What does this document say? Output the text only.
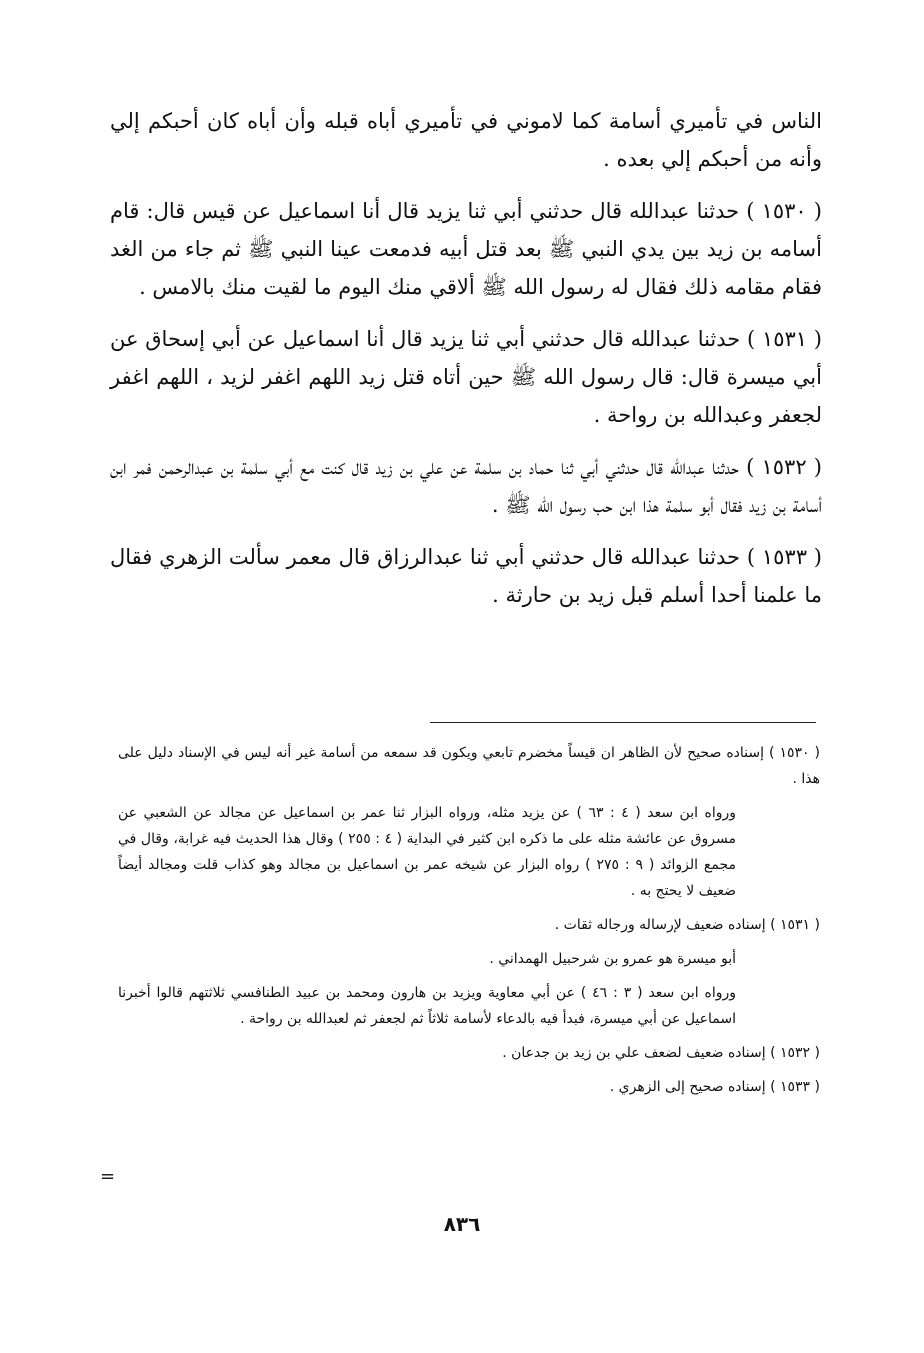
الناس في تأميري أسامة كما لاموني في تأميري أباه قبله وأن أباه كان أحبكم إلي وأنه من أحبكم إلي بعده .

( ١٥٣٠ ) حدثنا عبدالله قال حدثني أبي ثنا يزيد قال أنا اسماعيل عن قيس قال: قام أسامه بن زيد بين يدي النبي ﷺ بعد قتل أبيه فدمعت عينا النبي ﷺ ثم جاء من الغد فقام مقامه ذلك فقال له رسول الله ﷺ ألاقي منك اليوم ما لقيت منك بالامس .

( ١٥٣١ ) حدثنا عبدالله قال حدثني أبي ثنا يزيد قال أنا اسماعيل عن أبي إسحاق عن أبي ميسرة قال: قال رسول الله ﷺ حين أتاه قتل زيد اللهم اغفر لزيد ، اللهم اغفر لجعفر وعبدالله بن رواحة .

( ١٥٣٢ ) حدثنا عبدالله قال حدثني أبي ثنا حماد بن سلمة عن علي بن زيد قال كنت مع أبي سلمة بن عبدالرحمن فمر ابن أسامة بن زيد فقال أبو سلمة هذا ابن حب رسول الله ﷺ .

( ١٥٣٣ ) حدثنا عبدالله قال حدثني أبي ثنا عبدالرزاق قال معمر سألت الزهري فقال ما علمنا أحدا أسلم قبل زيد بن حارثة .

( ١٥٣٠ ) إسناده صحيح لأن الظاهر ان قيساً مخضرم تابعي ويكون قد سمعه من أسامة غير أنه ليس في الإسناد دليل على هذا .

ورواه ابن سعد ( ٤ : ٦٣ ) عن يزيد مثله، ورواه البزار ثنا عمر بن اسماعيل عن مجالد عن الشعبي عن مسروق عن عائشة مثله على ما ذكره ابن كثير في البداية ( ٤ : ٢٥٥ ) وقال هذا الحديث فيه غرابة، وقال في مجمع الزوائد ( ٩ : ٢٧٥ ) رواه البزار عن شيخه عمر بن اسماعيل بن مجالد وهو كذاب قلت ومجالد أيضاً ضعيف لا يحتج به .

( ١٥٣١ ) إسناده ضعيف لإرساله ورجاله ثقات .

أبو ميسرة هو عمرو بن شرحبيل الهمداني .

ورواه ابن سعد ( ٣ : ٤٦ ) عن أبي معاوية ويزيد بن هارون ومحمد بن عبيد الطنافسي ثلاثتهم قالوا أخبرنا اسماعيل عن أبي ميسرة، فبدأ فيه بالدعاء لأسامة ثلاثاً ثم لجعفر ثم لعبدالله بن رواحة .

( ١٥٣٢ ) إسناده ضعيف لضعف علي بن زيد بن جدعان .

( ١٥٣٣ ) إسناده صحيح إلى الزهري .

=
٨٣٦
